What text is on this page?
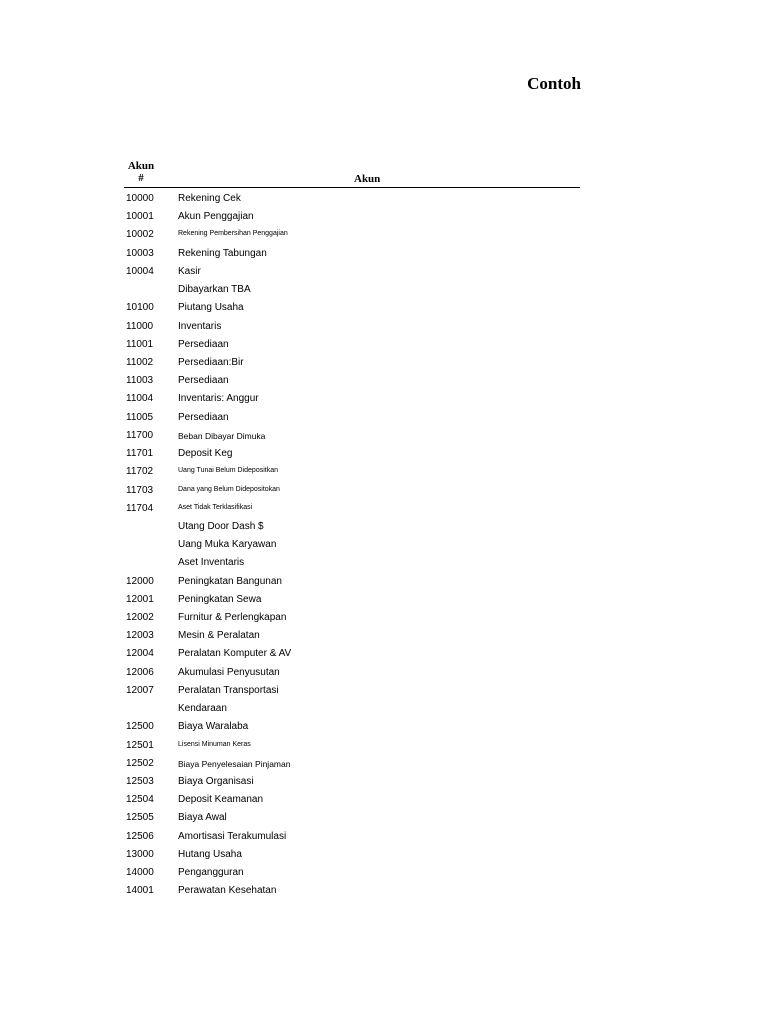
Contoh
Akun
#	Akun
10000 Rekening Cek
10001 Akun Penggajian
10002	Rekening Pembersihan Penggajian
10003 Rekening Tabungan
10004 Kasir
Dibayarkan TBA
10100 Piutang Usaha
11000 Inventaris
11001 Persediaan
11002 Persediaan:Bir
11003 Persediaan
11004 Inventaris: Anggur
11005 Persediaan
11700	Beban Dibayar Dimuka
11701 Deposit Keg
11702	Uang Tunai Belum Didepositkan
11703	Dana yang Belum Didepositokan
11704	Aset Tidak Terklasifikasi
Utang Door Dash $
Uang Muka Karyawan
Aset Inventaris
12000 Peningkatan Bangunan
12001 Peningkatan Sewa
12002 Furnitur & Perlengkapan
12003 Mesin & Peralatan
12004 Peralatan Komputer & AV
12006 Akumulasi Penyusutan
12007 Peralatan Transportasi
Kendaraan
12500 Biaya Waralaba
12501	Lisensi Minuman Keras
12502	Biaya Penyelesaian Pinjaman
12503 Biaya Organisasi
12504 Deposit Keamanan
12505 Biaya Awal
12506 Amortisasi Terakumulasi
13000 Hutang Usaha
14000 Pengangguran
14001 Perawatan Kesehatan
